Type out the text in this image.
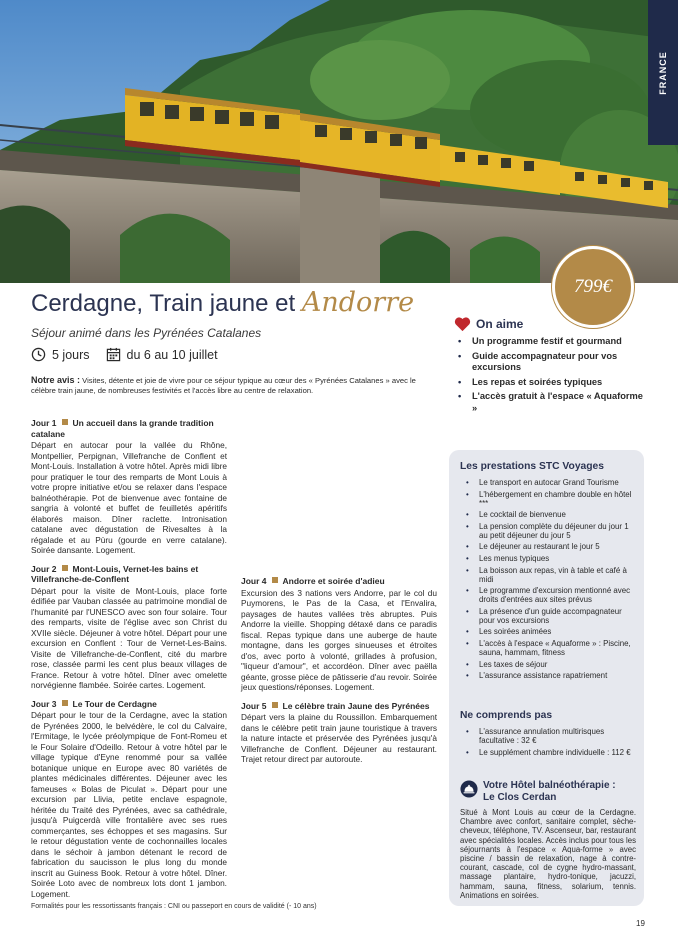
FRANCE
799€
Cerdagne, Train jaune et Andorre
Séjour animé dans les Pyrénées Catalanes
5 jours	du 6 au 10 juillet
Notre avis : Visites, détente et joie de vivre pour ce séjour typique au cœur des « Pyrénées Catalanes » avec le célèbre train jaune, de nombreuses festivités et l'accès libre au centre de relaxation.
Jour 1 Un accueil dans la grande tradition catalane
Départ en autocar pour la vallée du Rhône, Montpellier, Perpignan, Villefranche de Conflent et Mont-Louis. Installation à votre hôtel. Après midi libre pour pratiquer le tour des remparts de Mont Louis à votre propre initiative et/ou se relaxer dans l'espace balnéothérapie. Pot de bienvenue avec fontaine de sangria à volonté et buffet de feuilletés apéritifs élaborés maison. Dîner raclette. Intronisation catalane avec dégustation de Rivesaltes à la régalade et au Pùru (gourde en verre catalane). Soirée dansante. Logement.
Jour 2 Mont-Louis, Vernet-les bains et Villefranche-de-Conflent
Départ pour la visite de Mont-Louis, place forte édifiée par Vauban classée au patrimoine mondial de l'humanité par l'UNESCO avec son four solaire. Tour des remparts, visite de l'église avec son Christ du XVIIe siècle. Déjeuner à votre hôtel. Départ pour une excursion en Conflent : Tour de Vernet-Les-Bains. Visite de Villefranche-de-Conflent, cité du marbre rose, classée parmi les cent plus beaux villages de France. Retour à votre hôtel. Dîner avec omelette norvégienne flambée. Soirée cartes. Logement.
Jour 3 Le Tour de Cerdagne
Départ pour le tour de la Cerdagne, avec la station de Pyrénées 2000, le belvédère, le col du Calvaire, l'Ermitage, le lycée préolympique de Font-Romeu et le Four Solaire d'Odeillo. Retour à votre hôtel par le village typique d'Eyne renommé pour sa vallée botanique unique en Europe avec 80 variétés de plantes médicinales différentes. Déjeuner avec les fameuses « Bolas de Piculat ». Départ pour une excursion par Llivia, petite enclave espagnole, héritée du Traité des Pyrénées, avec sa cathédrale, jusqu'à Puigcerdà ville frontalière avec ses rues commerçantes, ses échoppes et ses magasins. Sur le retour dégustation vente de cochonnailles locales dans le séchoir à jambon détenant le record de fabrication du saucisson le plus long du monde inscrit au Guiness Book. Retour à votre hôtel. Dîner. Soirée Loto avec de nombreux lots dont 1 jambon. Logement.
Jour 4 Andorre et soirée d'adieu
Excursion des 3 nations vers Andorre, par le col du Puymorens, le Pas de la Casa, et l'Envalira, paysages de hautes vallées très abruptes. Puis Andorre la vieille. Shopping détaxé dans ce paradis fiscal. Repas typique dans une auberge de haute montagne, dans les gorges sinueuses et étroites d'os, avec porto à volonté, grillades à profusion, "liqueur d'amour", et accordéon. Dîner avec paëlla géante, grosse pièce de pâtisserie d'au revoir. Soirée jeux questions/réponses. Logement.
Jour 5 Le célèbre train Jaune des Pyrénées
Départ vers la plaine du Roussillon. Embarquement dans le célèbre petit train jaune touristique à travers la nature intacte et préservée des Pyrénées jusqu'à Villefranche de Conflent. Déjeuner au restaurant. Trajet retour direct par autoroute.
Formalités pour les ressortissants français : CNI ou passeport en cours de validité (- 10 ans)
19
On aime
• Un programme festif et gourmand
• Guide accompagnateur pour vos excursions
• Les repas et soirées typiques
• L'accès gratuit à l'espace « Aquaforme »
Les prestations STC Voyages
• Le transport en autocar Grand Tourisme
• L'hébergement en chambre double en hôtel ***
• Le cocktail de bienvenue
• La pension complète du déjeuner du jour 1 au petit déjeuner du jour 5
• Le déjeuner au restaurant le jour 5
• Les menus typiques
• La boisson aux repas, vin à table et café à midi
• Le programme d'excursion mentionné avec droits d'entrées aux sites prévus
• La présence d'un guide accompagnateur pour vos excursions
• Les soirées animées
• L'accès à l'espace « Aquaforme » : Piscine, sauna, hammam, fitness
• Les taxes de séjour
• L'assurance assistance rapatriement
Ne comprends pas
• L'assurance annulation multirisques facultative : 32 €
• Le supplément chambre individuelle : 112 €
Votre Hôtel balnéothérapie :
Le Clos Cerdan
Situé à Mont Louis au cœur de la Cerdagne. Chambre avec confort, sanitaire complet, sèche-cheveux, téléphone, TV. Ascenseur, bar, restaurant avec spécialités locales. Accès inclus pour tous les séjournants à l'espace « Aqua-forme » avec piscine / bassin de relaxation, nage à contre-courant, cascade, col de cygne hydro-massant, massage plantaire, hydro-tonique, jacuzzi, hammam, sauna, fitness, solarium, tennis. Animations en soirées.
